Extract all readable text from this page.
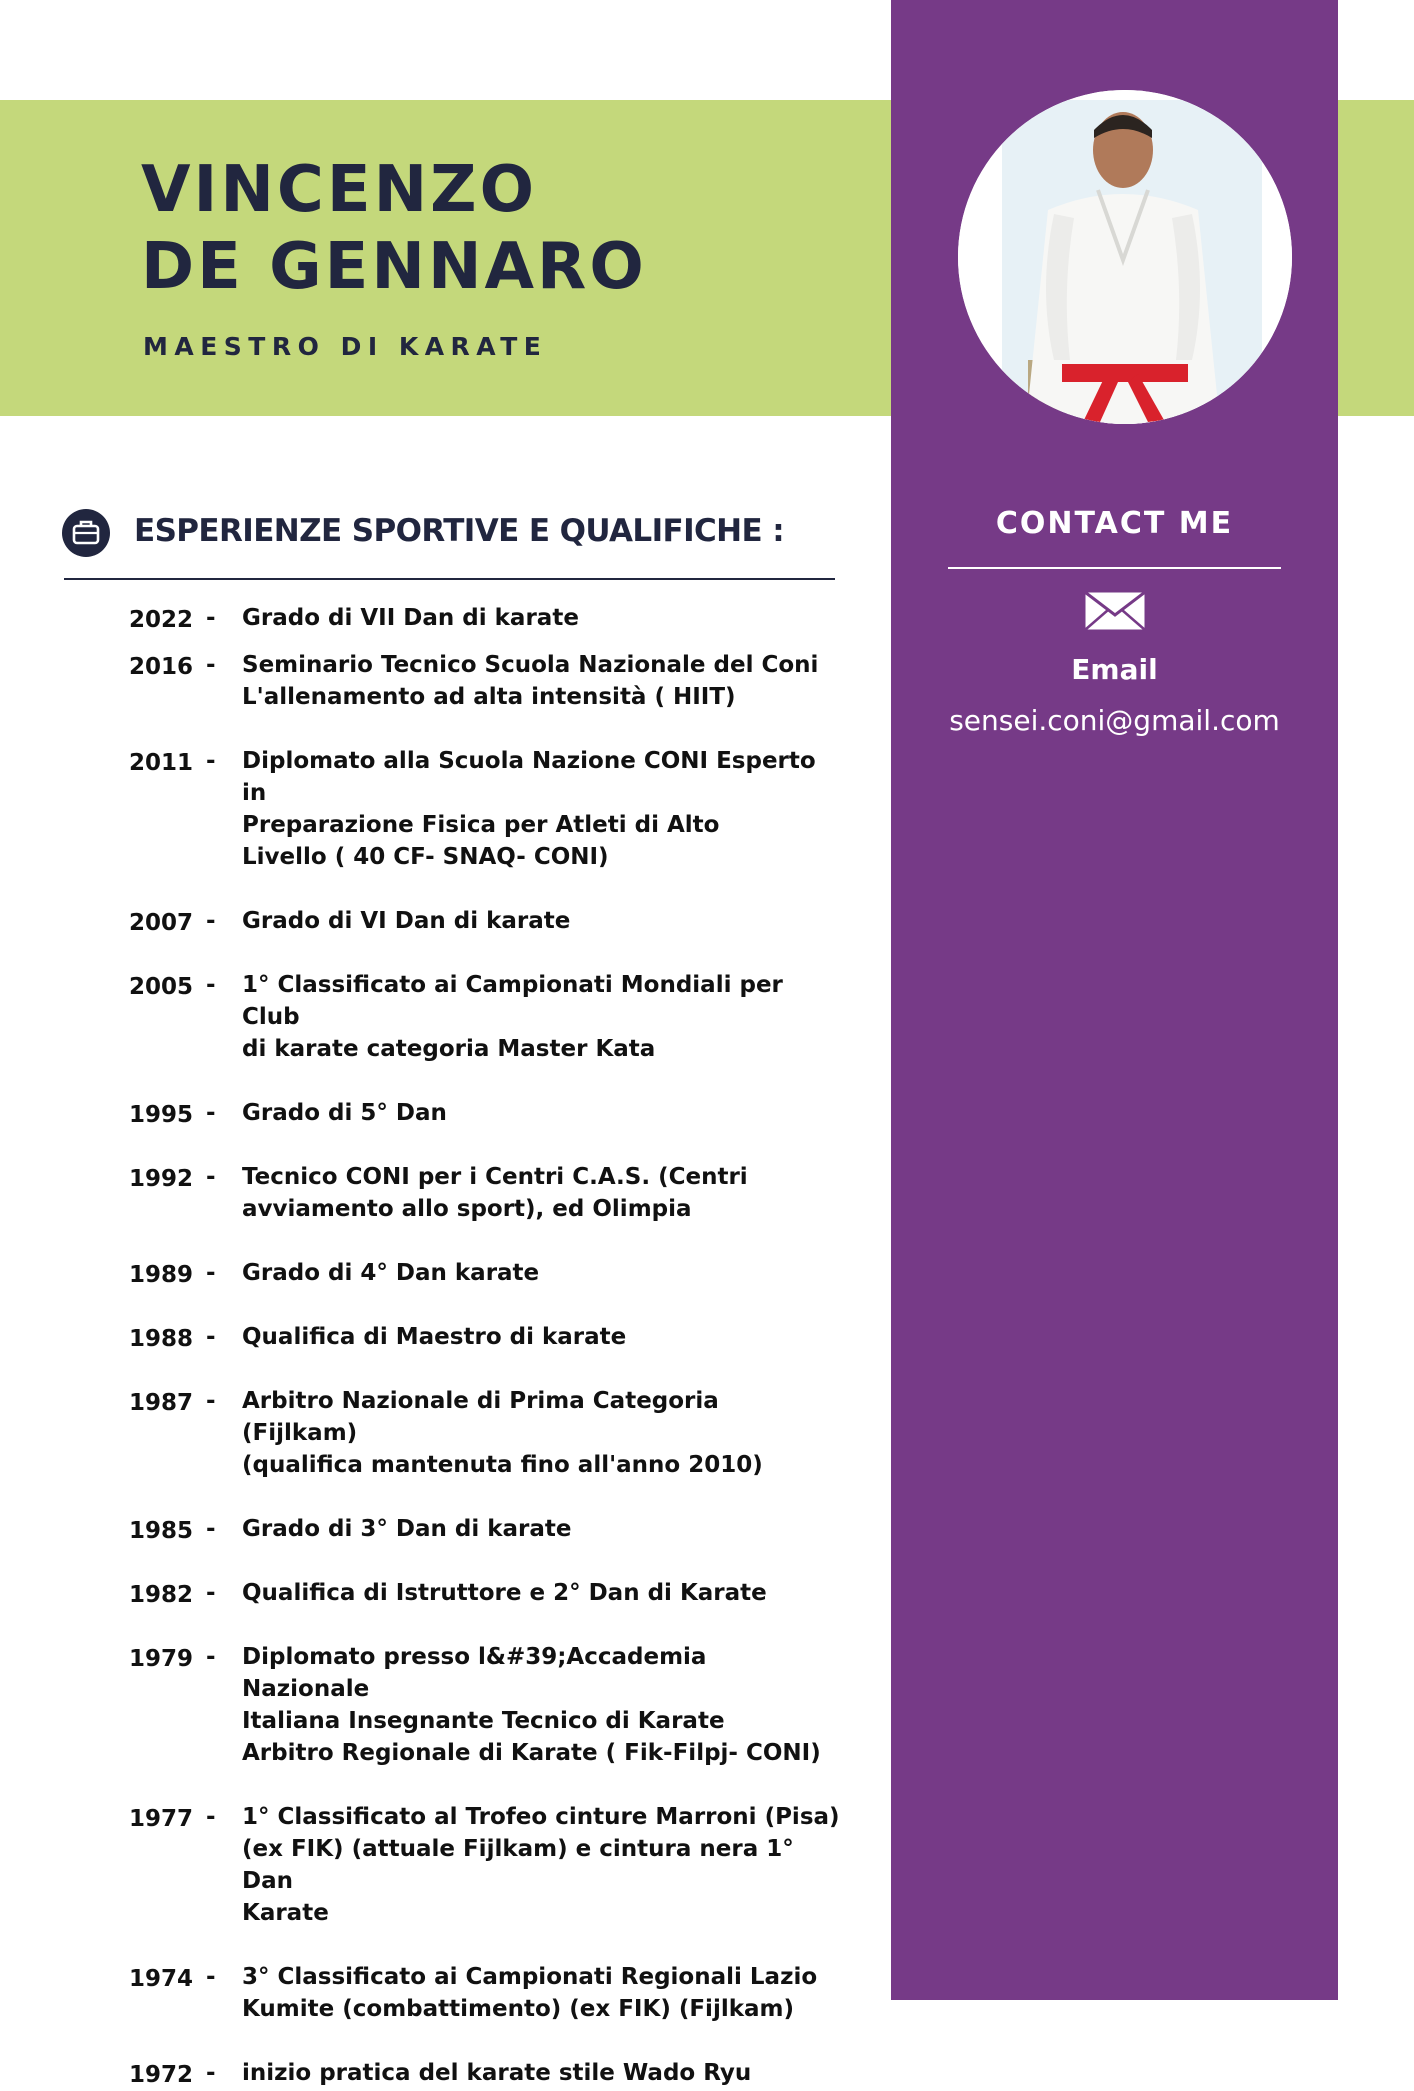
VINCENZO
DE GENNARO
MAESTRO DI KARATE
CONTACT ME
Email
sensei.coni@gmail.com
ESPERIENZE SPORTIVE E QUALIFICHE :
2022 - Grado di VII Dan di karate
2016 - Seminario Tecnico Scuola Nazionale del Coni
L'allenamento ad alta intensità ( HIIT)
2011 - Diplomato alla Scuola Nazione CONI Esperto in
Preparazione Fisica per Atleti di Alto
Livello ( 40 CF- SNAQ- CONI)
2007 - Grado di VI Dan di karate
2005 - 1° Classificato ai Campionati Mondiali per Club
di karate categoria Master Kata
1995 - Grado di 5° Dan
1992 - Tecnico CONI per i Centri C.A.S. (Centri
avviamento allo sport), ed Olimpia
1989 - Grado di 4° Dan karate
1988 - Qualifica di Maestro di karate
1987 - Arbitro Nazionale di Prima Categoria (Fijlkam)
(qualifica mantenuta fino all'anno 2010)
1985 - Grado di 3° Dan di karate
1982 - Qualifica di Istruttore e 2° Dan di Karate
1979 - Diplomato presso l&#39;Accademia Nazionale
Italiana Insegnante Tecnico di Karate
Arbitro Regionale di Karate ( Fik-Filpj- CONI)
1977 - 1° Classificato al Trofeo cinture Marroni (Pisa)
(ex FIK) (attuale Fijlkam) e cintura nera 1° Dan
Karate
1974 - 3° Classificato ai Campionati Regionali Lazio
Kumite (combattimento) (ex FIK) (Fijlkam)
1972 - inizio pratica del karate stile Wado Ryu
